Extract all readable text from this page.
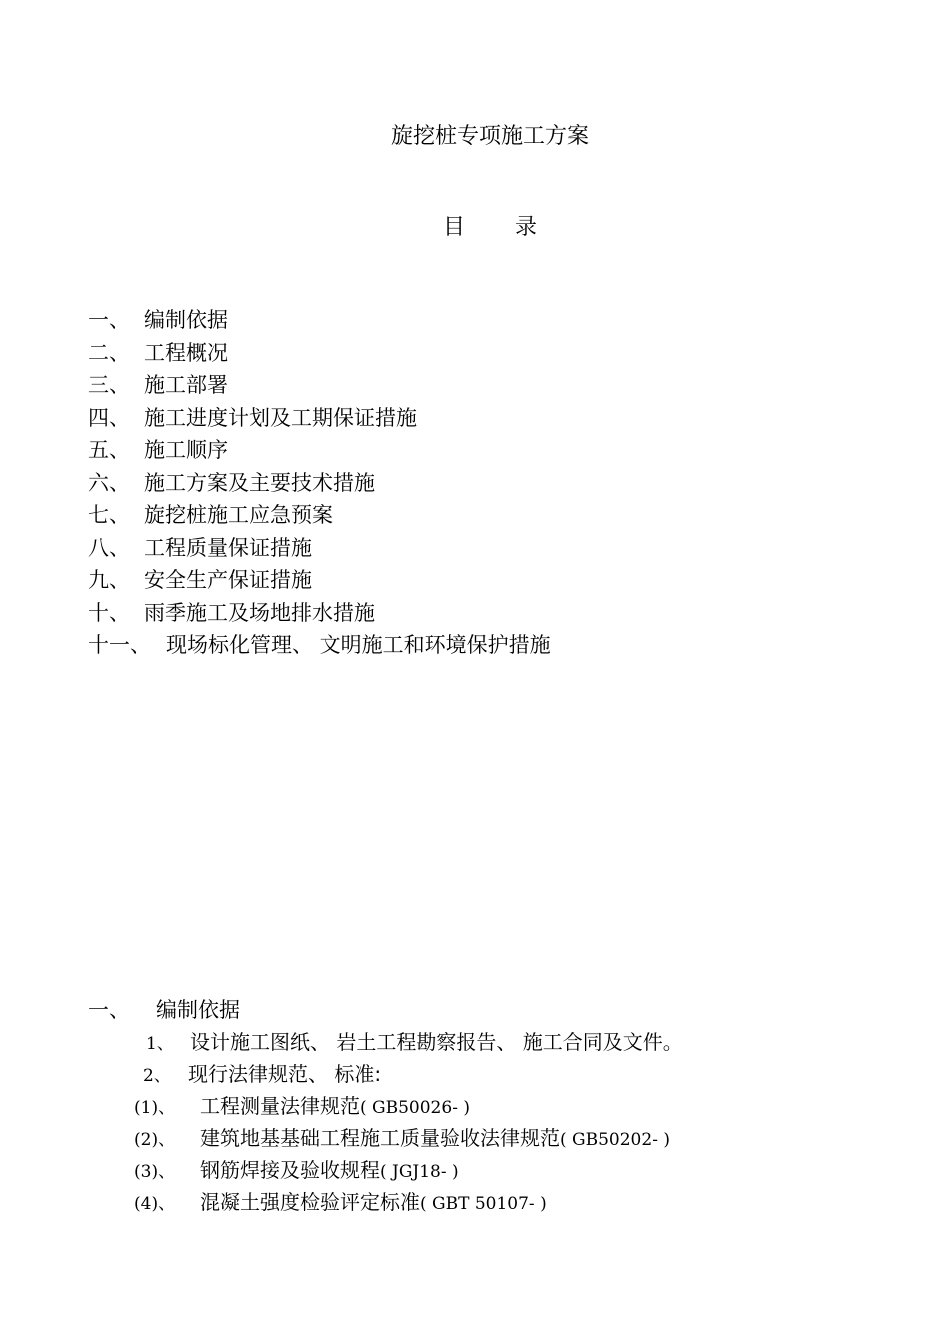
旋挖桩专项施工方案
目 录
一、 编制依据
二、 工程概况
三、 施工部署
四、 施工进度计划及工期保证措施
五、 施工顺序
六、 施工方案及主要技术措施
七、 旋挖桩施工应急预案
八、 工程质量保证措施
九、 安全生产保证措施
十、 雨季施工及场地排水措施
十一、 现场标化管理、 文明施工和环境保护措施
一、 编制依据
1、 设计施工图纸、 岩土工程勘察报告、 施工合同及文件。
2、 现行法律规范、 标准:
(1)、 工程测量法律规范( GB50026- )
(2)、 建筑地基基础工程施工质量验收法律规范( GB50202- )
(3)、 钢筋焊接及验收规程( JGJ18- )
(4)、 混凝土强度检验评定标准( GBT 50107- )
